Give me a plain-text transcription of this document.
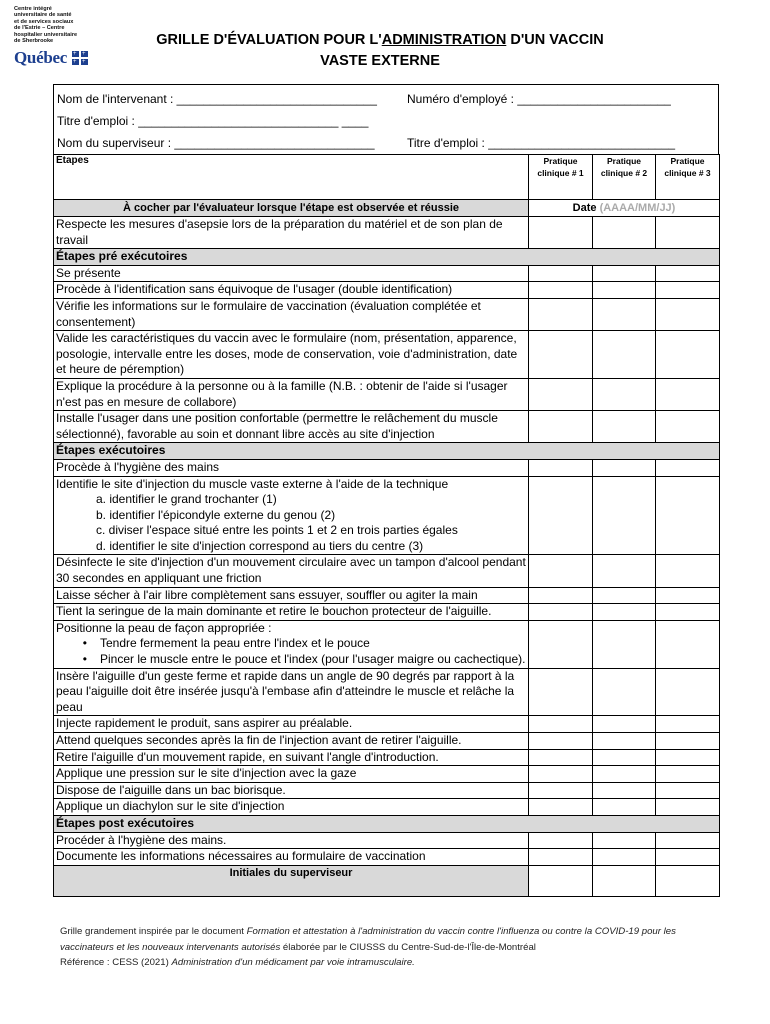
Centre intégré
universitaire de santé
et de services sociaux
de l'Estrie – Centre
hospitalier universitaire
de Sherbrooke
Québec
+
+
+
+
GRILLE D'ÉVALUATION POUR L'ADMINISTRATION D'UN VACCIN
VASTE EXTERNE
Nom de l'intervenant : ______________________________	Numéro d'employé : _______________________
Titre d'emploi : ______________________________ ____
Nom du superviseur : ______________________________	Titre d'emploi : ____________________________
Étapes	Pratique clinique # 1	Pratique clinique # 2	Pratique clinique # 3
À cocher par l'évaluateur lorsque l'étape est observée et réussie	Date (AAAA/MM/JJ)		
Respecte les mesures d'asepsie lors de la préparation du matériel et de son plan de travail			
Étapes pré exécutoires			
Se présente			
Procède à l'identification sans équivoque de l'usager (double identification)			
Vérifie les informations sur le formulaire de vaccination (évaluation complétée et consentement)			
Valide les caractéristiques du vaccin avec le formulaire (nom, présentation, apparence, posologie, intervalle entre les doses, mode de conservation, voie d'administration, date et heure de péremption)			
Explique la procédure à la personne ou à la famille (N.B. : obtenir de l'aide si l'usager n'est pas en mesure de collabore)			
Installe l'usager dans une position confortable (permettre le relâchement du muscle sélectionné), favorable au soin et donnant libre accès au site d'injection			
Étapes exécutoires			
Procède à l'hygiène des mains			

Identifie le site d'injection du muscle vaste externe à l'aide de la technique
a. identifier le grand trochanter (1)
b. identifier l'épicondyle externe du genou (2)
c. diviser l'espace situé entre les points 1 et 2 en trois parties égales
d. identifier le site d'injection correspond au tiers du centre (3)			

Désinfecte le site d'injection d'un mouvement circulaire avec un tampon d'alcool pendant 30 secondes en appliquant une friction			
Laisse sécher à l'air libre complètement sans essuyer, souffler ou agiter la main			
Tient la seringue de la main dominante et retire le bouchon protecteur de l'aiguille.			

Positionne la peau de façon appropriée :
• Tendre fermement la peau entre l'index et le pouce
• Pincer le muscle entre le pouce et l'index (pour l'usager maigre ou cachectique).			

Insère l'aiguille d'un geste ferme et rapide dans un angle de 90 degrés par rapport à la peau l'aiguille doit être insérée jusqu'à l'embase afin d'atteindre le muscle et relâche la peau			
Injecte rapidement le produit, sans aspirer au préalable.			
Attend quelques secondes après la fin de l'injection avant de retirer l'aiguille.			
Retire l'aiguille d'un mouvement rapide, en suivant l'angle d'introduction.			
Applique une pression sur le site d'injection avec la gaze			
Dispose de l'aiguille dans un bac biorisque.			
Applique un diachylon sur le site d'injection			
Étapes post exécutoires			
Procéder à l'hygiène des mains.			
Documente les informations nécessaires au formulaire de vaccination			
Initiales du superviseur			
Grille grandement inspirée par le document Formation et attestation à l'administration du vaccin contre l'influenza ou contre la COVID-19 pour les vaccinateurs et les nouveaux intervenants autorisés élaborée par le CIUSSS du Centre-Sud-de-l'Île-de-Montréal
Référence : CESS (2021) Administration d'un médicament par voie intramusculaire.
